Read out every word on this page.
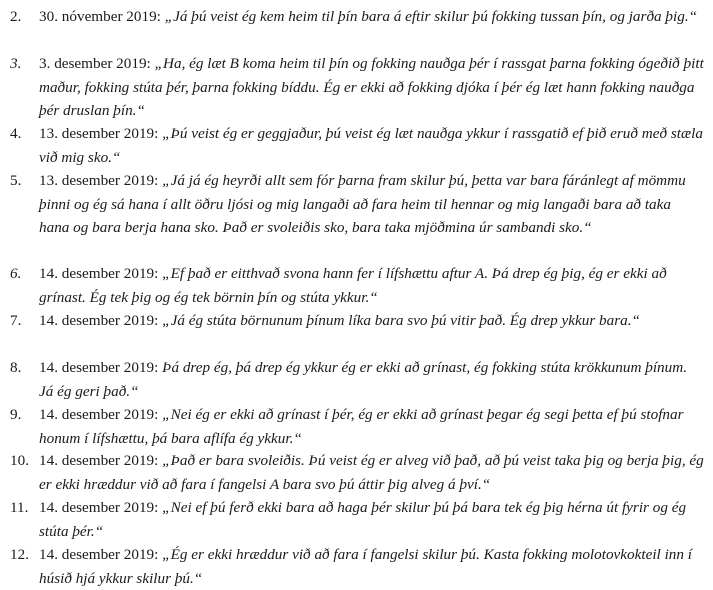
2.	30. nóvember 2019: „Já þú veist ég kem heim til þín bara á eftir skilur þú fokking tussan þín, og jarða þig.“
3.	3. desember 2019: „Ha, ég læt B koma heim til þín og fokking nauðga þér í rassgat þarna fokking ógeðið þitt maður, fokking stúta þér, þarna fokking bíddu. Ég er ekki að fokking djóka í þér ég læt hann fokking nauðga þér druslan þín.“
4.	13. desember 2019: „Þú veist ég er geggjaður, þú veist ég læt nauðga ykkur í rassgatið ef þið eruð með stæla við mig sko.“
5.	13. desember 2019: „Já já ég heyrði allt sem fór þarna fram skilur þú, þetta var bara fáránlegt af mömmu þinni og ég sá hana í allt öðru ljósi og mig langaði að fara heim til hennar og mig langaði bara að taka hana og bara berja hana sko. Það er svoleiðis sko, bara taka mjöðmina úr sambandi sko.“
6.	14. desember 2019: „Ef það er eitthvað svona hann fer í lífshættu aftur A. Þá drep ég þig, ég er ekki að grínast. Ég tek þig og ég tek börnin þín og stúta ykkur.“
7.	14. desember 2019: „Já ég stúta börnunum þínum líka bara svo þú vitir það. Ég drep ykkur bara.“
8.	14. desember 2019: Þá drep ég, þá drep ég ykkur ég er ekki að grínast, ég fokking stúta krökkunum þínum. Já ég geri það.“
9.	14. desember 2019: „Nei ég er ekki að grínast í þér, ég er ekki að grínast þegar ég segi þetta ef þú stofnar honum í lífshættu, þá bara aflífa ég ykkur.“
10. 14. desember 2019: „Það er bara svoleiðis. Þú veist ég er alveg við það, að þú veist taka þig og berja þig, ég er ekki hræddur við að fara í fangelsi A bara svo þú áttir þig alveg á því.“
11. 14. desember 2019: „Nei ef þú ferð ekki bara að haga þér skilur þú þá bara tek ég þig hérna út fyrir og ég stúta þér.“
12. 14. desember 2019: „Ég er ekki hræddur við að fara í fangelsi skilur þú. Kasta fokking molotovkokteil inn í húsið hjá ykkur skilur þú.“
